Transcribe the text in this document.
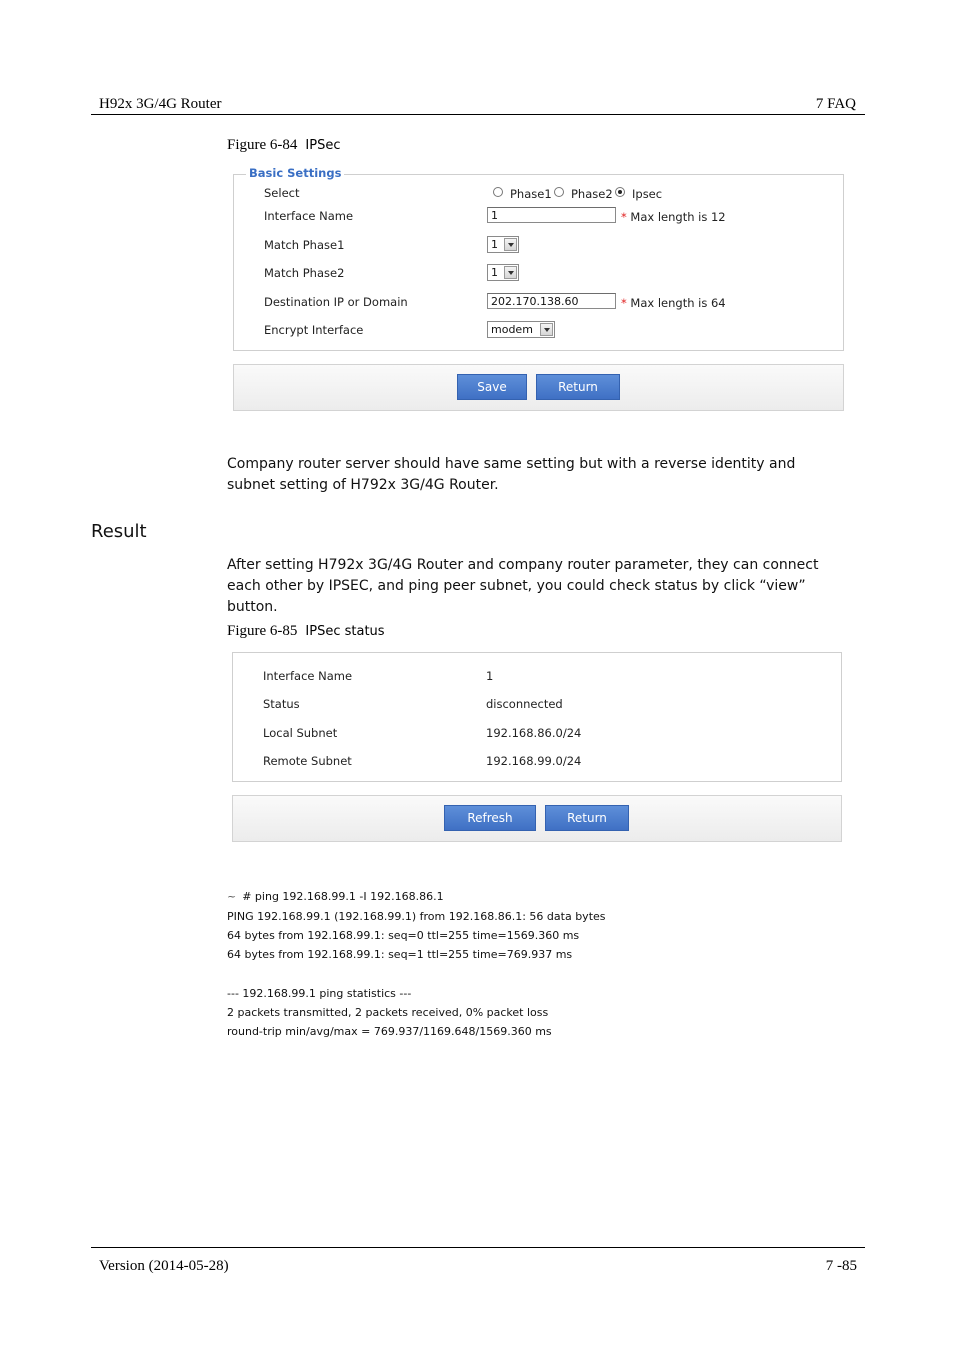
H92x 3G/4G Router	7 FAQ
Figure 6-84 IPSec
Basic Settings
Select	Phase1 Phase2 Ipsec
Interface Name	1	* Max length is 12
Match Phase1	1
Match Phase2	1
Destination IP or Domain	202.170.138.60	* Max length is 64
Encrypt Interface	modem
Save	Return
Company router server should have same setting but with a reverse identity and subnet setting of H792x 3G/4G Router.
Result
After setting H792x 3G/4G Router and company router parameter, they can connect each other by IPSEC, and ping peer subnet, you could check status by click “view” button.
Figure 6-85 IPSec status
Interface Name	1
Status	disconnected
Local Subnet	192.168.86.0/24
Remote Subnet	192.168.99.0/24
Refresh	Return
~ # ping 192.168.99.1 -I 192.168.86.1
PING 192.168.99.1 (192.168.99.1) from 192.168.86.1: 56 data bytes
64 bytes from 192.168.99.1: seq=0 ttl=255 time=1569.360 ms
64 bytes from 192.168.99.1: seq=1 ttl=255 time=769.937 ms
--- 192.168.99.1 ping statistics ---
2 packets transmitted, 2 packets received, 0% packet loss
round-trip min/avg/max = 769.937/1169.648/1569.360 ms
Version (2014-05-28)	7 -85
